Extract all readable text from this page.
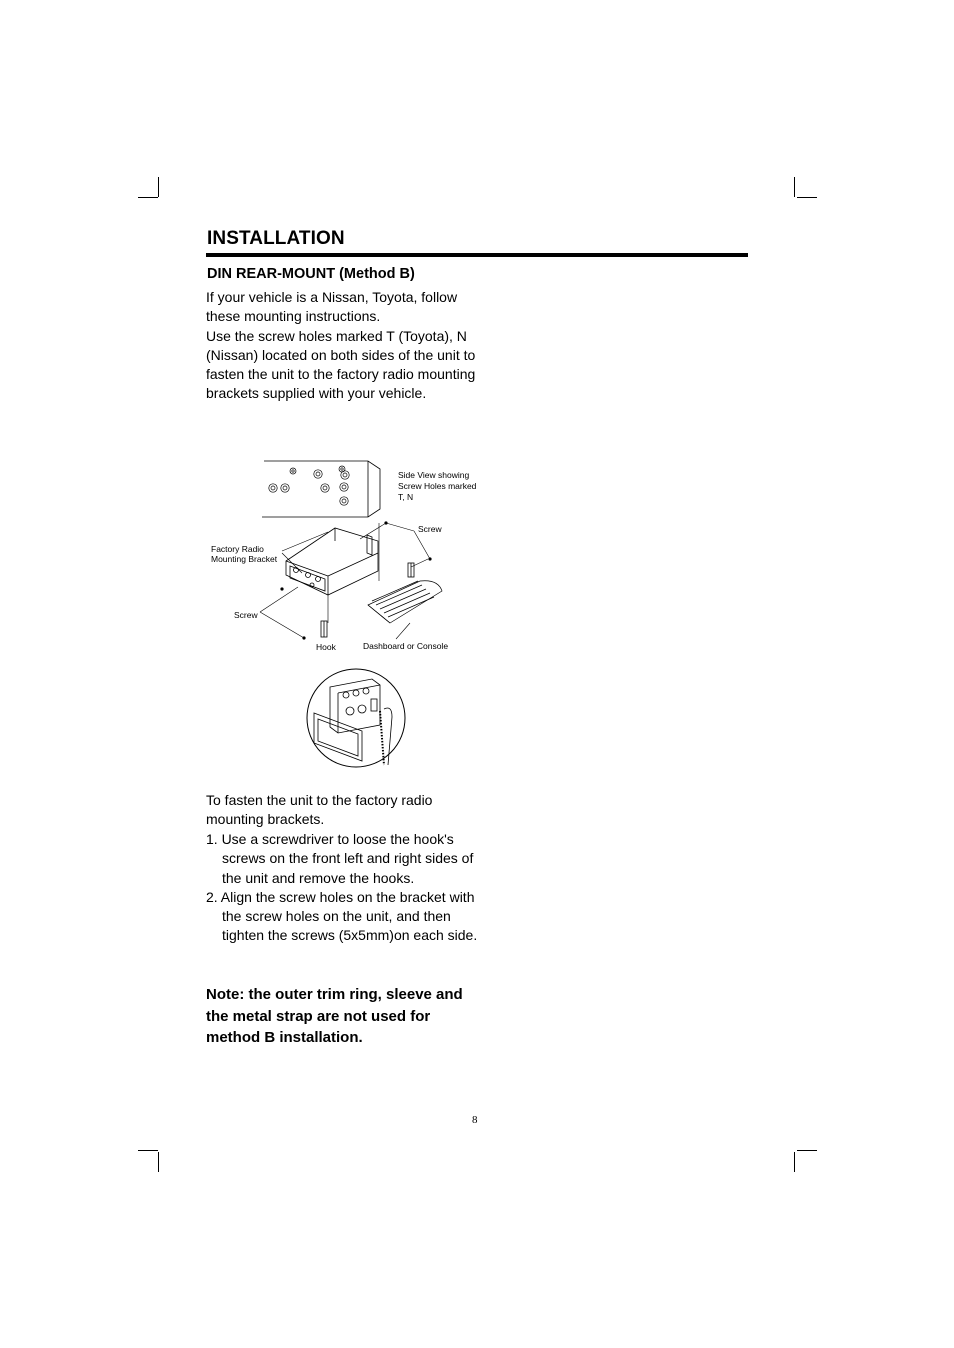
INSTALLATION
DIN REAR-MOUNT (Method B)
If your vehicle is a Nissan, Toyota, follow these mounting instructions.
Use the screw holes marked T (Toyota), N (Nissan) located on both sides of the unit to fasten the unit to the factory radio mounting brackets supplied with your vehicle.
Side View showing
Screw Holes marked
T, N
Screw
Factory Radio
Mounting Bracket
Screw
Hook	Dashboard or Console

To fasten the unit to the factory radio mounting brackets.

1. Use a screwdriver to loose the hook's screws on the front left and right sides of the unit and remove the hooks.
2. Align the screw holes on the bracket with the screw holes on the unit, and then tighten the screws (5x5mm)on each side.

Note: the outer trim ring, sleeve and the metal strap are not used for method B installation.

8
